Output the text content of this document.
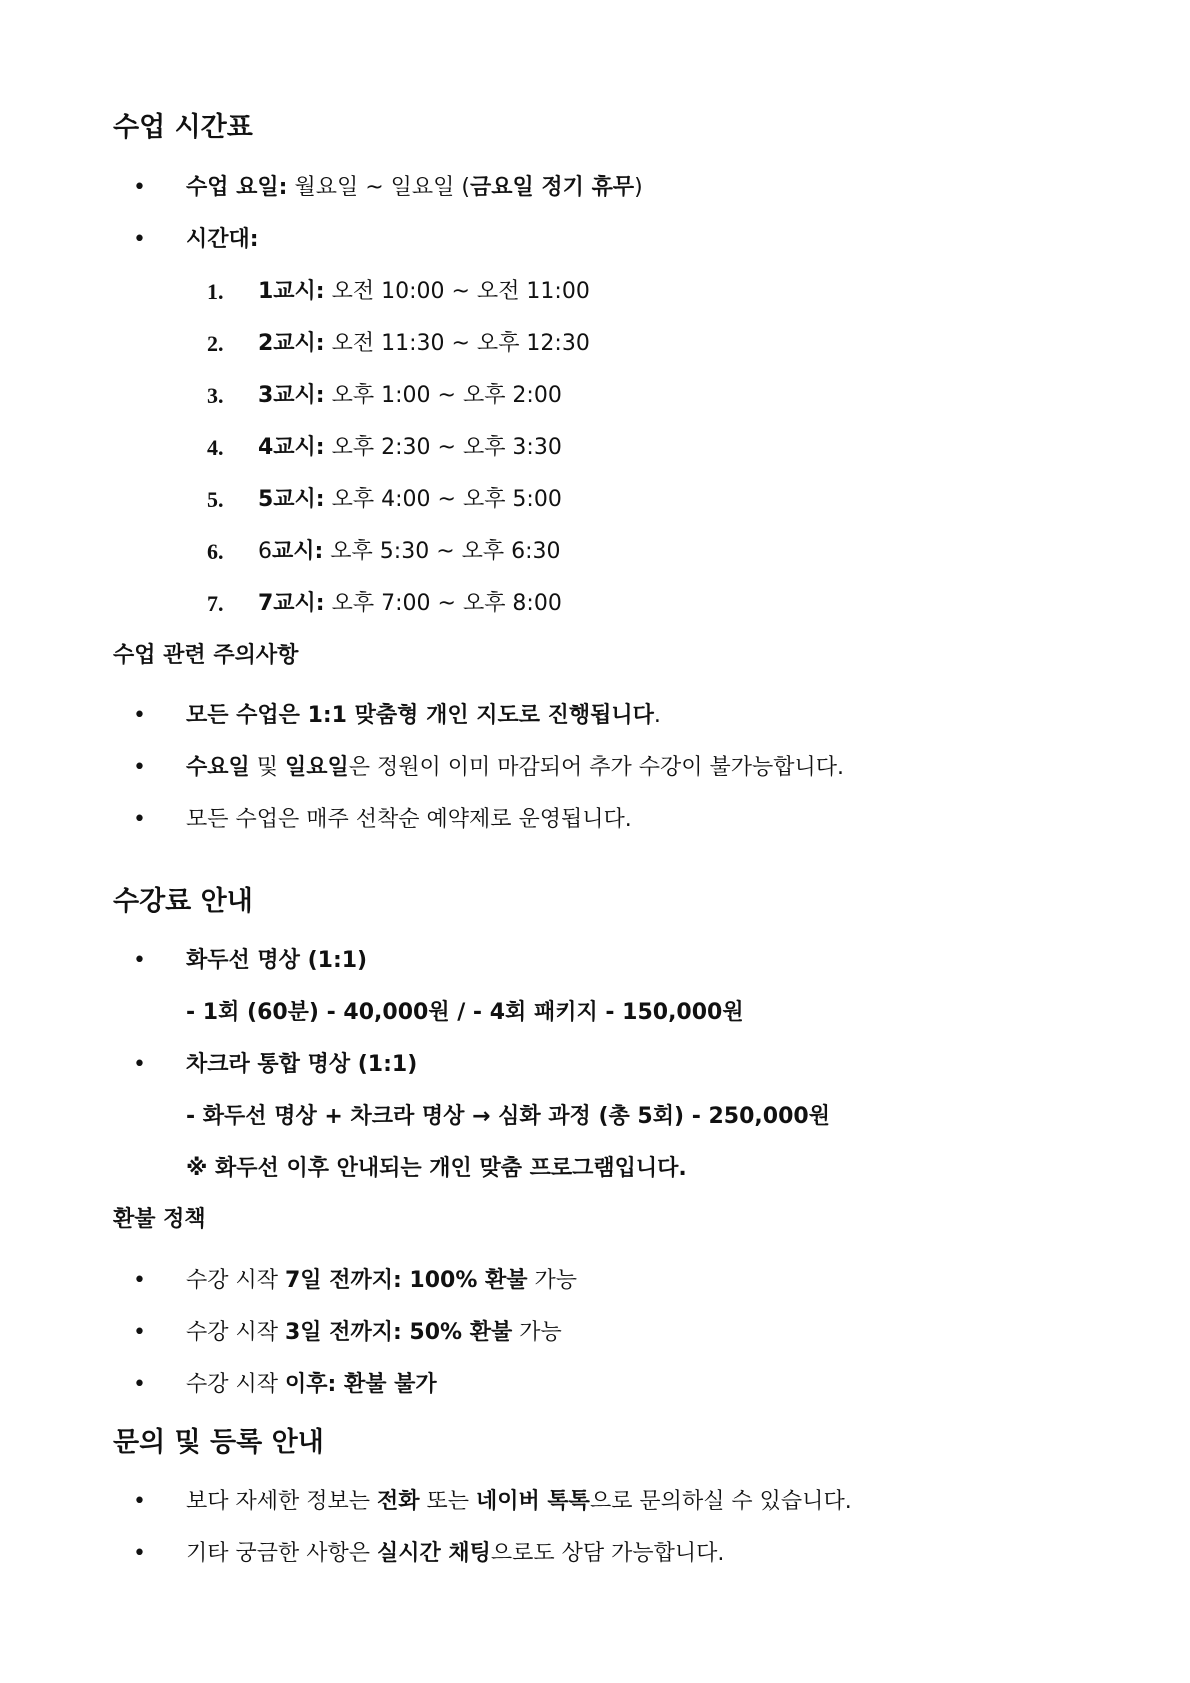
수업 시간표
• 수업 요일: 월요일 ~ 일요일 (금요일 정기 휴무)
• 시간대:
1. 1교시: 오전 10:00 ~ 오전 11:00
2. 2교시: 오전 11:30 ~ 오후 12:30
3. 3교시: 오후 1:00 ~ 오후 2:00
4. 4교시: 오후 2:30 ~ 오후 3:30
5. 5교시: 오후 4:00 ~ 오후 5:00
6. 6교시: 오후 5:30 ~ 오후 6:30
7. 7교시: 오후 7:00 ~ 오후 8:00
수업 관련 주의사항
• 모든 수업은 1:1 맞춤형 개인 지도로 진행됩니다.
• 수요일 및 일요일은 정원이 이미 마감되어 추가 수강이 불가능합니다.
• 모든 수업은 매주 선착순 예약제로 운영됩니다.
수강료 안내
• 화두선 명상 (1:1)
- 1회 (60분) - 40,000원 / - 4회 패키지 - 150,000원
• 차크라 통합 명상 (1:1)
- 화두선 명상 + 차크라 명상 → 심화 과정 (총 5회) - 250,000원
※ 화두선 이후 안내되는 개인 맞춤 프로그램입니다.
환불 정책
• 수강 시작 7일 전까지: 100% 환불 가능
• 수강 시작 3일 전까지: 50% 환불 가능
• 수강 시작 이후: 환불 불가
문의 및 등록 안내
• 보다 자세한 정보는 전화 또는 네이버 톡톡으로 문의하실 수 있습니다.
• 기타 궁금한 사항은 실시간 채팅으로도 상담 가능합니다.
